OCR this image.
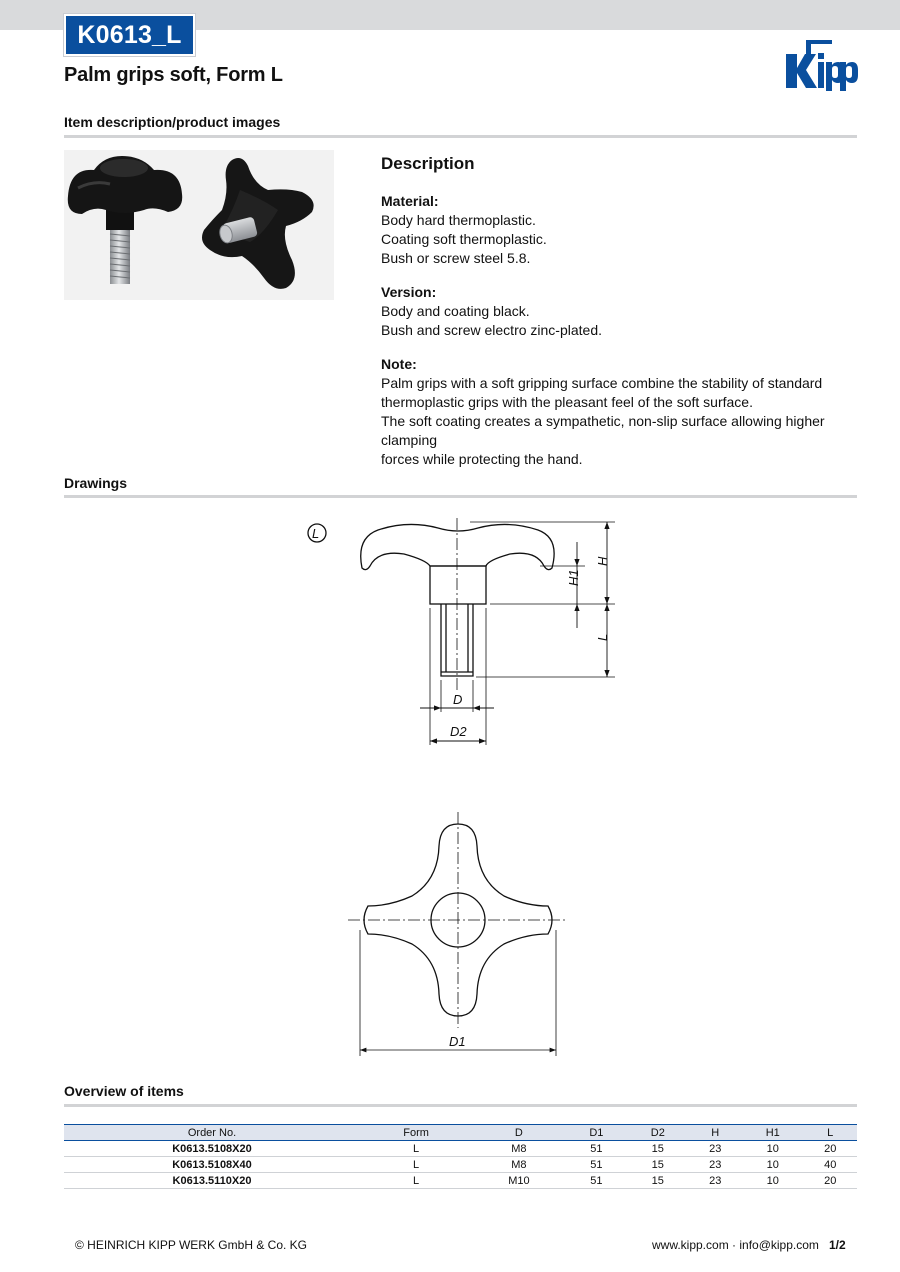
K0613_L
Palm grips soft, Form L
Item description/product images
Description

Material:

Body hard thermoplastic.

Coating soft thermoplastic.

Bush or screw steel 5.8.

Version:

Body and coating black.

Bush and screw electro zinc-plated.

Note:

Palm grips with a soft gripping surface combine the stability of standard

thermoplastic grips with the pleasant feel of the soft surface.

The soft coating creates a sympathetic, non-slip surface allowing higher clamping

forces while protecting the hand.

Drawings
L
D
D2
H
H1
L
D1
Overview of items
Order No.	Form	D	D1	D2	H	H1	L
K0613.5108X20	L	M8	51	15	23	10	20
K0613.5108X40	L	M8	51	15	23	10	40
K0613.5110X20	L	M10	51	15	23	10	20
© HEINRICH KIPP WERK GmbH & Co. KG	www.kipp.com · info@kipp.com 1/2
